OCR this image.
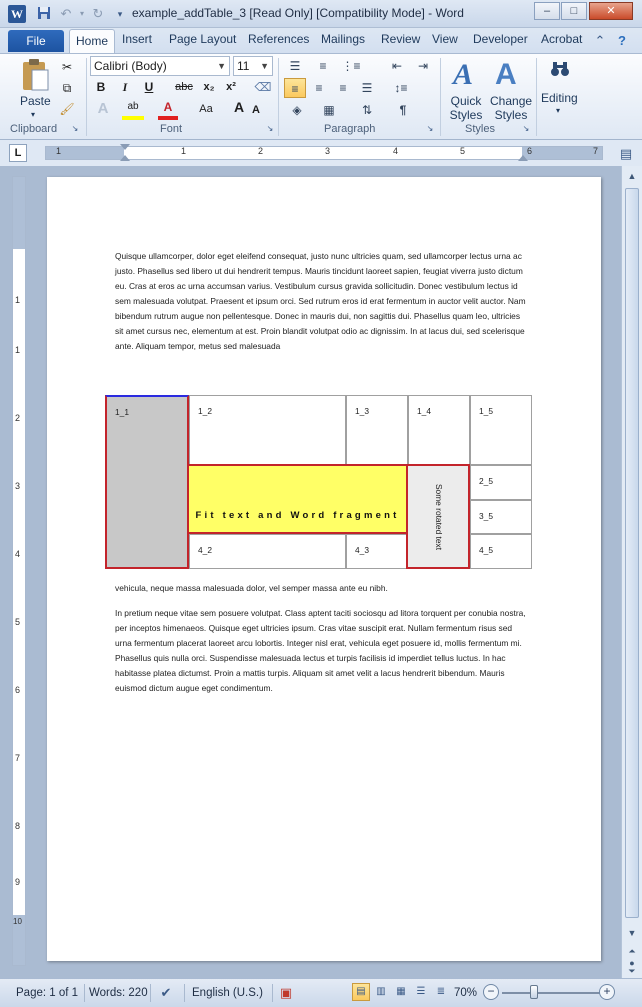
W	↶	▾ ↻	▾ example_addTable_3 [Read Only] [Compatibility Mode] - Word	–	□	✕
File	Home	Insert Page Layout References Mailings Review View Developer Acrobat ⌃ ?
Paste
▾
✂
⧉
🖌
Clipboard ↘
Calibri (Body)	▼ 11 ▼
B	I	U	abc x₂	x²	⌫
A	ab	A	Aa	A A
Font	↘
☰	≡	⋮≡	⇤	⇥
≡	≡	≡	☰	↕≡
◈	▦	⇅	¶
Paragraph	↘
A
Quick Styles
A
Change Styles
Styles	↘
Editing
▾
L	1	1	2	3	4	5	6	7 ▤
1
1
2
3
4
5
6
7
8
9
10
Quisque ullamcorper, dolor eget eleifend consequat, justo nunc ultricies quam, sed ullamcorper lectus urna ac justo. Phasellus sed libero ut dui hendrerit tempus. Mauris tincidunt laoreet sapien, feugiat viverra justo dictum eu. Cras at eros ac urna accumsan varius. Vestibulum cursus gravida sollicitudin. Donec vestibulum lectus id sem malesuada volutpat. Praesent et ipsum orci. Sed rutrum eros id erat fermentum in auctor velit auctor. Nam bibendum rutrum augue non pellentesque. Donec in mauris dui, non sagittis dui. Phasellus quam leo, ultricies sit amet cursus nec, elementum at est. Proin blandit volutpat odio ac dignissim. In at lacus dui, sed scelerisque ante. Aliquam tempor, metus sed malesuada
1_1	1_2	1_3	1_4	1_5
2_5
3_5
4_5
4_2	4_3
Fit text and Word fragment	Some rotated text
vehicula, neque massa malesuada dolor, vel semper massa ante eu nibh.
In pretium neque vitae sem posuere volutpat. Class aptent taciti sociosqu ad litora torquent per conubia nostra, per inceptos himenaeos. Quisque eget ultricies ipsum. Cras vitae suscipit erat. Nullam fermentum risus sed urna fermentum placerat laoreet arcu lobortis. Integer nisl erat, vehicula eget posuere id, mollis fermentum mi. Phasellus quis nulla orci. Suspendisse malesuada lectus et turpis facilisis id imperdiet tellus luctus. In hac habitasse platea dictumst. Proin a mattis turpis. Aliquam sit amet velit a lacus hendrerit bibendum. Mauris euismod dictum augue eget condimentum.
▲
▼
⏶
●
⏷
Page: 1 of 1 Words: 220 ✔ English (U.S.) ▣	▤	▥	▦	☰	≣ 70% −	+
